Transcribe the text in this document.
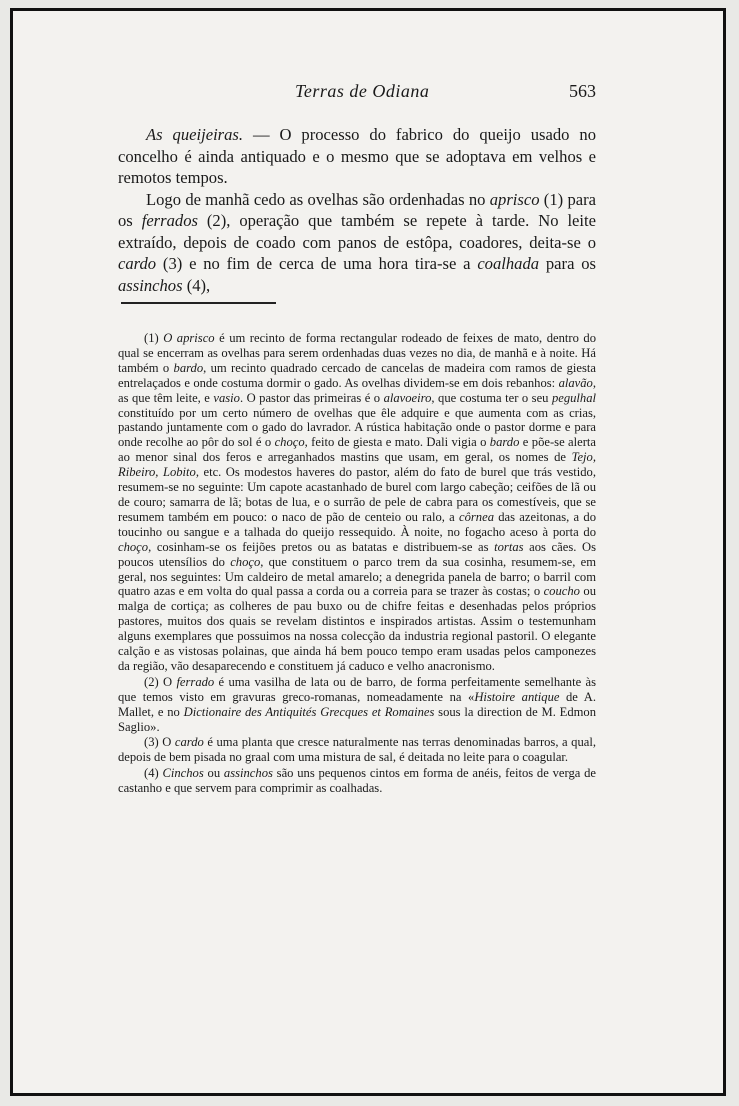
Terras de Odiana	563

As queijeiras. — O processo do fabrico do queijo usado no concelho é ainda antiquado e o mesmo que se adoptava em velhos e remotos tempos.

Logo de manhã cedo as ovelhas são ordenhadas no aprisco (1) para os ferrados (2), operação que também se repete à tarde. No leite extraído, depois de coado com panos de estôpa, coadores, deita-se o cardo (3) e no fim de cerca de uma hora tira-se a coalhada para os assinchos (4),

(1) O aprisco é um recinto de forma rectangular rodeado de feixes de mato, dentro do qual se encerram as ovelhas para serem ordenhadas duas vezes no dia, de manhã e à noite. Há também o bardo, um recinto quadrado cercado de cancelas de madeira com ramos de giesta entrelaçados e onde costuma dormir o gado. As ovelhas dividem-se em dois rebanhos: alavão, as que têm leite, e vasio. O pastor das primeiras é o alavoeiro, que costuma ter o seu pegulhal constituído por um certo número de ovelhas que êle adquire e que aumenta com as crias, pastando juntamente com o gado do lavrador. A rústica habitação onde o pastor dorme e para onde recolhe ao pôr do sol é o choço, feito de giesta e mato. Dali vigia o bardo e põe-se alerta ao menor sinal dos feros e arreganhados mastins que usam, em geral, os nomes de Tejo, Ribeiro, Lobito, etc. Os modestos haveres do pastor, além do fato de burel que trás vestido, resumem-se no seguinte: Um capote acastanhado de burel com largo cabeção; ceifões de lã ou de couro; samarra de lã; botas de lua, e o surrão de pele de cabra para os comestíveis, que se resumem também em pouco: o naco de pão de centeio ou ralo, a côrnea das azeitonas, a do toucinho ou sangue e a talhada do queijo ressequido. À noite, no fogacho aceso à porta do choço, cosinham-se os feijões pretos ou as batatas e distribuem-se as tortas aos cães. Os poucos utensílios do choço, que constituem o parco trem da sua cosinha, resumem-se, em geral, nos seguintes: Um caldeiro de metal amarelo; a denegrida panela de barro; o barril com quatro azas e em volta do qual passa a corda ou a correia para se trazer às costas; o coucho ou malga de cortiça; as colheres de pau buxo ou de chifre feitas e desenhadas pelos próprios pastores, muitos dos quais se revelam distintos e inspirados artistas. Assim o testemunham alguns exemplares que possuimos na nossa colecção da industria regional pastoril. O elegante calção e as vistosas polainas, que ainda há bem pouco tempo eram usadas pelos camponezes da região, vão desaparecendo e constituem já caduco e velho anacronismo.

(2) O ferrado é uma vasilha de lata ou de barro, de forma perfeitamente semelhante às que temos visto em gravuras greco-romanas, nomeadamente na «Histoire antique de A. Mallet, e no Dictionaire des Antiquités Grecques et Romaines sous la direction de M. Edmon Saglio».

(3) O cardo é uma planta que cresce naturalmente nas terras denominadas barros, a qual, depois de bem pisada no graal com uma mistura de sal, é deitada no leite para o coagular.

(4) Cinchos ou assinchos são uns pequenos cintos em forma de anéis, feitos de verga de castanho e que servem para comprimir as coalhadas.
